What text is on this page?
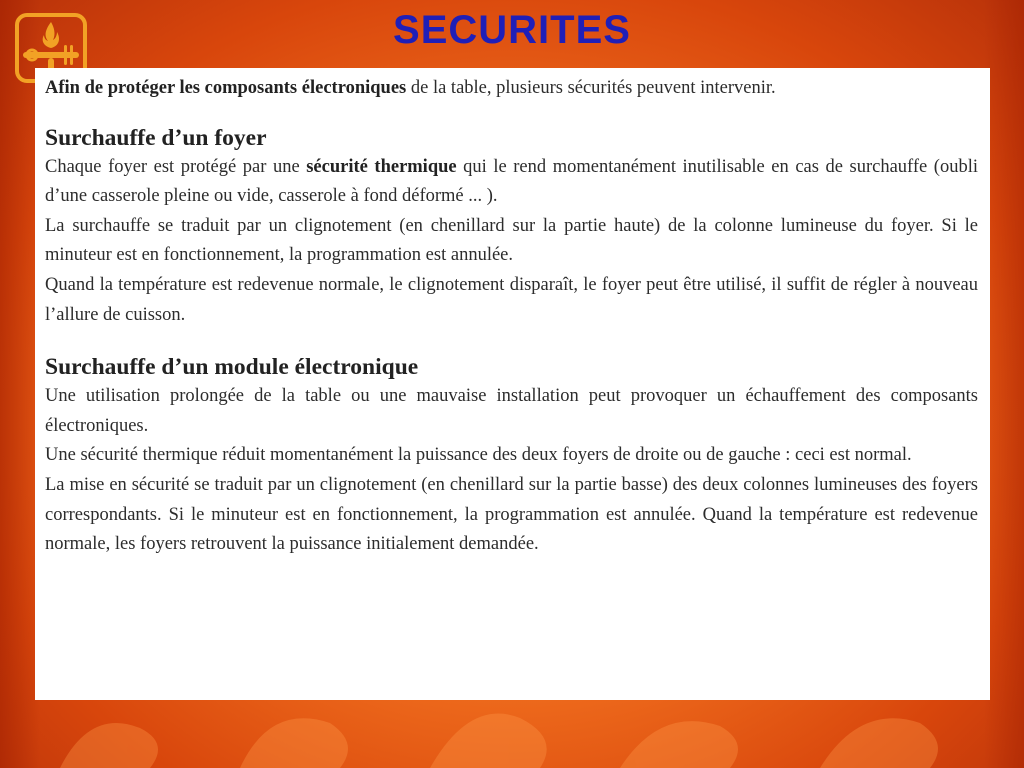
SECURITES

Afin de protéger les composants électroniques de la table, plusieurs sécurités peuvent intervenir.

Surchauffe d’un foyer

Chaque foyer est protégé par une sécurité thermique qui le rend momentanément inutilisable en cas de surchauffe (oubli d’une casserole pleine ou vide, casserole à fond déformé ... ).

La surchauffe se traduit par un clignotement (en chenillard sur la partie haute) de la colonne lumineuse du foyer. Si le minuteur est en fonctionnement, la programmation est annulée.

Quand la température est redevenue normale, le clignotement disparaît, le foyer peut être utilisé, il suffit de régler à nouveau l’allure de cuisson.

Surchauffe d’un module électronique

Une utilisation prolongée de la table ou une mauvaise installation peut provoquer un échauffement des composants électroniques.

Une sécurité thermique réduit momentanément la puissance des deux foyers de droite ou de gauche : ceci est normal.

La mise en sécurité se traduit par un clignotement (en chenillard sur la partie basse) des deux colonnes lumineuses des foyers correspondants. Si le minuteur est en fonctionnement, la programmation est annulée. Quand la température est redevenue normale, les foyers retrouvent la puissance initialement demandée.
